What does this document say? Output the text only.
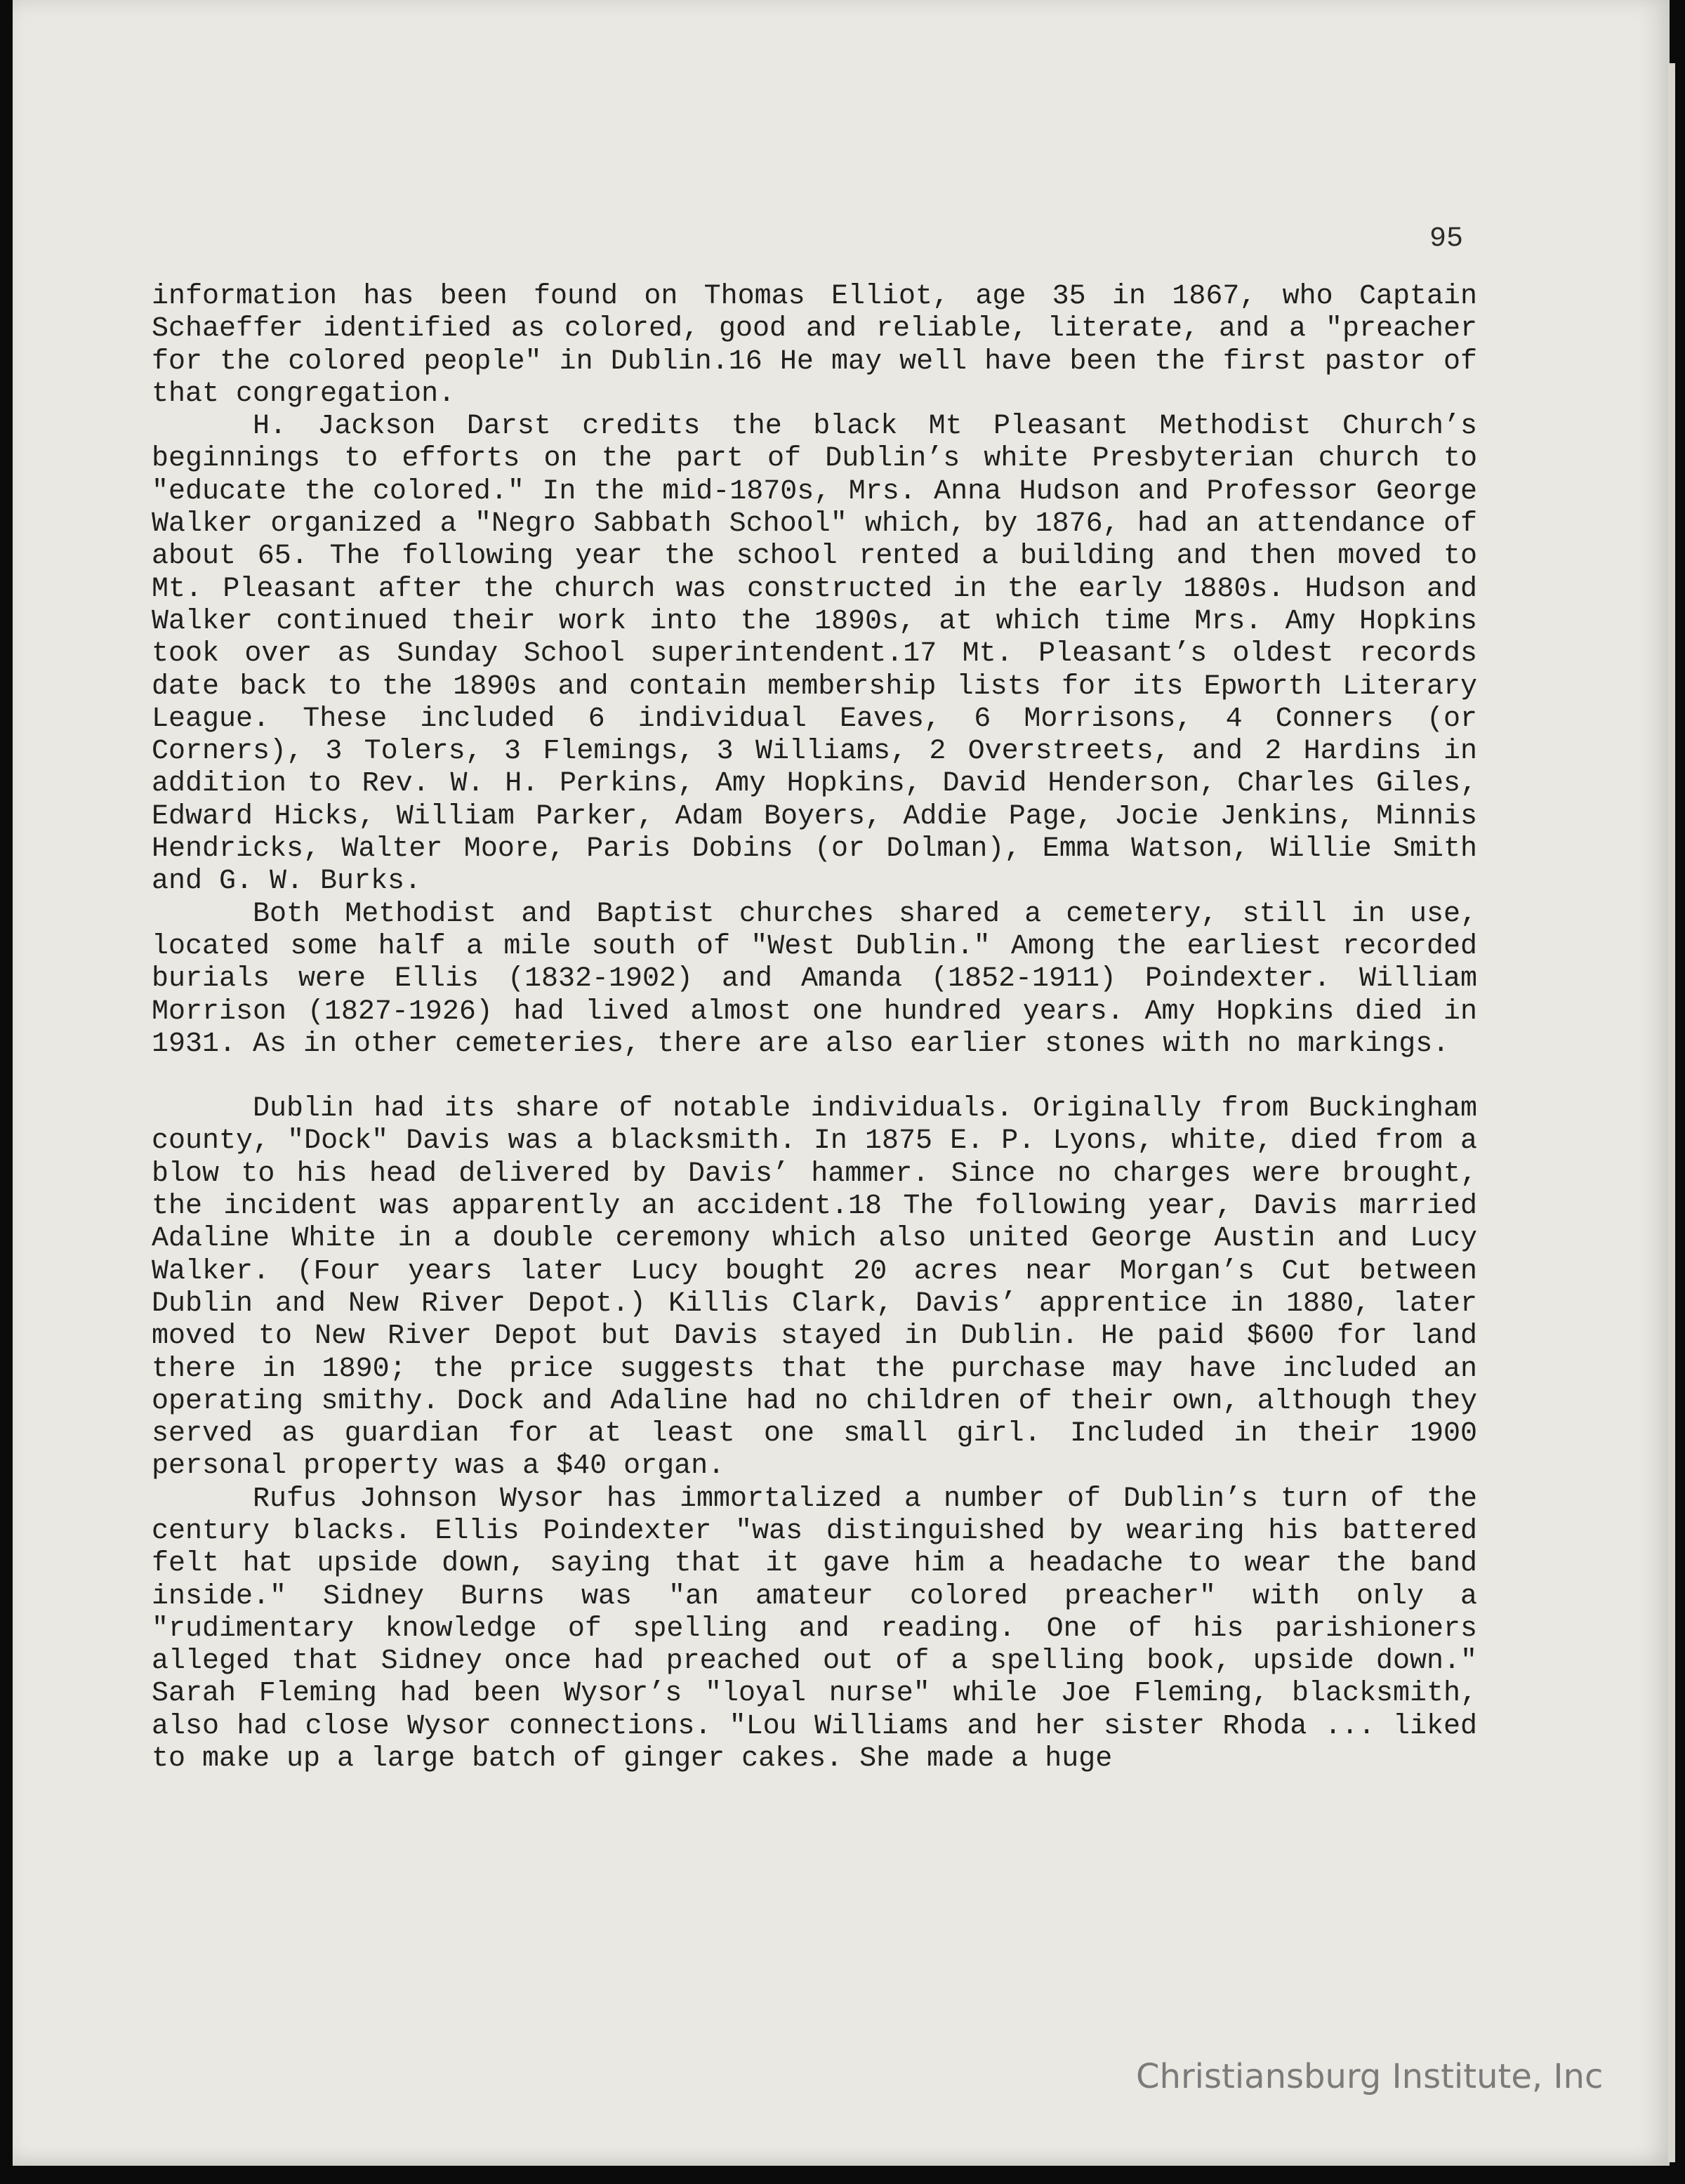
95

information has been found on Thomas Elliot, age 35 in 1867, who Captain Schaeffer identified as colored, good and reliable, literate, and a "preacher for the colored people" in Dublin.16 He may well have been the first pastor of that congregation.

H. Jackson Darst credits the black Mt Pleasant Methodist Church’s beginnings to efforts on the part of Dublin’s white Presbyterian church to "educate the colored." In the mid-1870s, Mrs. Anna Hudson and Professor George Walker organized a "Negro Sabbath School" which, by 1876, had an attendance of about 65. The following year the school rented a building and then moved to Mt. Pleasant after the church was constructed in the early 1880s. Hudson and Walker continued their work into the 1890s, at which time Mrs. Amy Hopkins took over as Sunday School superintendent.17 Mt. Pleasant’s oldest records date back to the 1890s and contain membership lists for its Epworth Literary League. These included 6 individual Eaves, 6 Morrisons, 4 Conners (or Corners), 3 Tolers, 3 Flemings, 3 Williams, 2 Overstreets, and 2 Hardins in addition to Rev. W. H. Perkins, Amy Hopkins, David Henderson, Charles Giles, Edward Hicks, William Parker, Adam Boyers, Addie Page, Jocie Jenkins, Minnis Hendricks, Walter Moore, Paris Dobins (or Dolman), Emma Watson, Willie Smith and G. W. Burks.

Both Methodist and Baptist churches shared a cemetery, still in use, located some half a mile south of "West Dublin." Among the earliest recorded burials were Ellis (1832-1902) and Amanda (1852-1911) Poindexter. William Morrison (1827-1926) had lived almost one hundred years. Amy Hopkins died in 1931. As in other cemeteries, there are also earlier stones with no markings.

Dublin had its share of notable individuals. Originally from Buckingham county, "Dock" Davis was a blacksmith. In 1875 E. P. Lyons, white, died from a blow to his head delivered by Davis’ hammer. Since no charges were brought, the incident was apparently an accident.18 The following year, Davis married Adaline White in a double ceremony which also united George Austin and Lucy Walker. (Four years later Lucy bought 20 acres near Morgan’s Cut between Dublin and New River Depot.) Killis Clark, Davis’ apprentice in 1880, later moved to New River Depot but Davis stayed in Dublin. He paid $600 for land there in 1890; the price suggests that the purchase may have included an operating smithy. Dock and Adaline had no children of their own, although they served as guardian for at least one small girl. Included in their 1900 personal property was a $40 organ.

Rufus Johnson Wysor has immortalized a number of Dublin’s turn of the century blacks. Ellis Poindexter "was distinguished by wearing his battered felt hat upside down, saying that it gave him a headache to wear the band inside." Sidney Burns was "an amateur colored preacher" with only a "rudimentary knowledge of spelling and reading. One of his parishioners alleged that Sidney once had preached out of a spelling book, upside down." Sarah Fleming had been Wysor’s "loyal nurse" while Joe Fleming, blacksmith, also had close Wysor connections. "Lou Williams and her sister Rhoda ... liked to make up a large batch of ginger cakes. She made a huge

Christiansburg Institute, Inc
